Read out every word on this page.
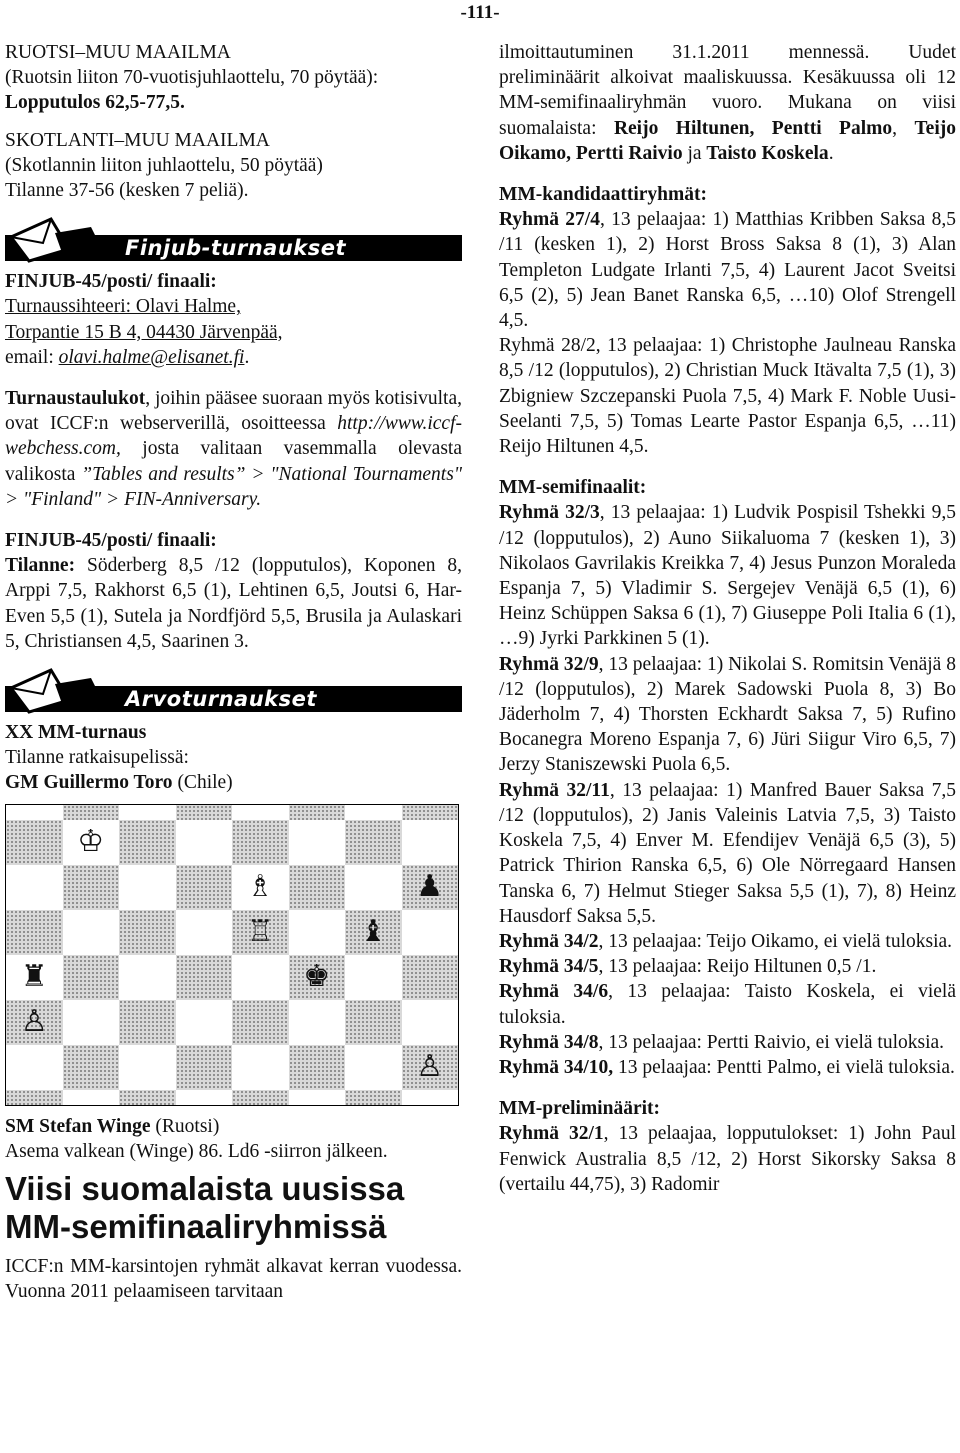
-111-

RUOTSI–MUU MAAILMA

(Ruotsin liiton 70-vuotisjuhlaottelu, 70 pöytää):

Lopputulos 62,5-77,5.

SKOTLANTI–MUU MAAILMA

(Skotlannin liiton juhlaottelu, 50 pöytää)

Tilanne 37-56 (kesken 7 peliä).

Finjub-turnaukset

FINJUB-45/posti/ finaali:

Turnaussihteeri: Olavi Halme,

Torpantie 15 B 4, 04430 Järvenpää,

email: olavi.halme@elisanet.fi.

Turnaustaulukot, joihin pääsee suoraan myös kotisivulta, ovat ICCF:n webserverillä, osoitteessa http://www.iccf-webchess.com, josta valitaan vasemmalla olevasta valikosta ”Tables and results” > "National Tournaments" > "Finland" > FIN-Anniversary.

FINJUB-45/posti/ finaali:

Tilanne: Söderberg 8,5 /12 (lopputulos), Koponen 8, Arppi 7,5, Rakhorst 6,5 (1), Lehtinen 6,5, Joutsi 6, Har-Even 5,5 (1), Sutela ja Nordfjörd 5,5, Brusila ja Aulaskari 5, Christiansen 4,5, Saarinen 3.

Arvoturnaukset

XX MM-turnaus

Tilanne ratkaisupelissä:

GM Guillermo Toro (Chile)

♔
♗	♟
♖	♝
♜	♚
♙
♙

SM Stefan Winge (Ruotsi)

Asema valkean (Winge) 86. Ld6 -siirron jälkeen.

Viisi suomalaista uusissa MM-semifinaaliryhmissä

ICCF:n MM-karsintojen ryhmät alkavat kerran vuodessa. Vuonna 2011 pelaamiseen tarvitaan

ilmoittautuminen 31.1.2011 mennessä. Uudet preliminäärit alkoivat maaliskuussa. Kesäkuussa oli 12 MM-semifinaaliryhmän vuoro. Mukana on viisi suomalaista: Reijo Hiltunen, Pentti Palmo, Teijo Oikamo, Pertti Raivio ja Taisto Koskela.

MM-kandidaattiryhmät:

Ryhmä 27/4, 13 pelaajaa: 1) Matthias Kribben Saksa 8,5 /11 (kesken 1), 2) Horst Bross Saksa 8 (1), 3) Alan Templeton Ludgate Irlanti 7,5, 4) Laurent Jacot Sveitsi 6,5 (2), 5) Jean Banet Ranska 6,5, …10) Olof Strengell 4,5.

Ryhmä 28/2, 13 pelaajaa: 1) Christophe Jaulneau Ranska 8,5 /12 (lopputulos), 2) Christian Muck Itävalta 7,5 (1), 3) Zbigniew Szczepanski Puola 7,5, 4) Mark F. Noble Uusi-Seelanti 7,5, 5) Tomas Learte Pastor Espanja 6,5, …11) Reijo Hiltunen 4,5.

MM-semifinaalit:

Ryhmä 32/3, 13 pelaajaa: 1) Ludvik Pospisil Tshekki 9,5 /12 (lopputulos), 2) Auno Siikaluoma 7 (kesken 1), 3) Nikolaos Gavrilakis Kreikka 7, 4) Jesus Punzon Moraleda Espanja 7, 5) Vladimir S. Sergejev Venäjä 6,5 (1), 6) Heinz Schüppen Saksa 6 (1), 7) Giuseppe Poli Italia 6 (1), …9) Jyrki Parkkinen 5 (1).

Ryhmä 32/9, 13 pelaajaa: 1) Nikolai S. Romitsin Venäjä 8 /12 (lopputulos), 2) Marek Sadowski Puola 8, 3) Bo Jäderholm 7, 4) Thorsten Eckhardt Saksa 7, 5) Rufino Bocanegra Moreno Espanja 7, 6) Jüri Siigur Viro 6,5, 7) Jerzy Staniszewski Puola 6,5.

Ryhmä 32/11, 13 pelaajaa: 1) Manfred Bauer Saksa 7,5 /12 (lopputulos), 2) Janis Valeinis Latvia 7,5, 3) Taisto Koskela 7,5, 4) Enver M. Efendijev Venäjä 6,5 (3), 5) Patrick Thirion Ranska 6,5, 6) Ole Nörregaard Hansen Tanska 6, 7) Helmut Stieger Saksa 5,5 (1), 7), 8) Heinz Hausdorf Saksa 5,5.

Ryhmä 34/2, 13 pelaajaa: Teijo Oikamo, ei vielä tuloksia.

Ryhmä 34/5, 13 pelaajaa: Reijo Hiltunen 0,5 /1.

Ryhmä 34/6, 13 pelaajaa: Taisto Koskela, ei vielä tuloksia.

Ryhmä 34/8, 13 pelaajaa: Pertti Raivio, ei vielä tuloksia.

Ryhmä 34/10, 13 pelaajaa: Pentti Palmo, ei vielä tuloksia.

MM-preliminäärit:

Ryhmä 32/1, 13 pelaajaa, lopputulokset: 1) John Paul Fenwick Australia 8,5 /12, 2) Horst Sikorsky Saksa 8 (vertailu 44,75), 3) Radomir
